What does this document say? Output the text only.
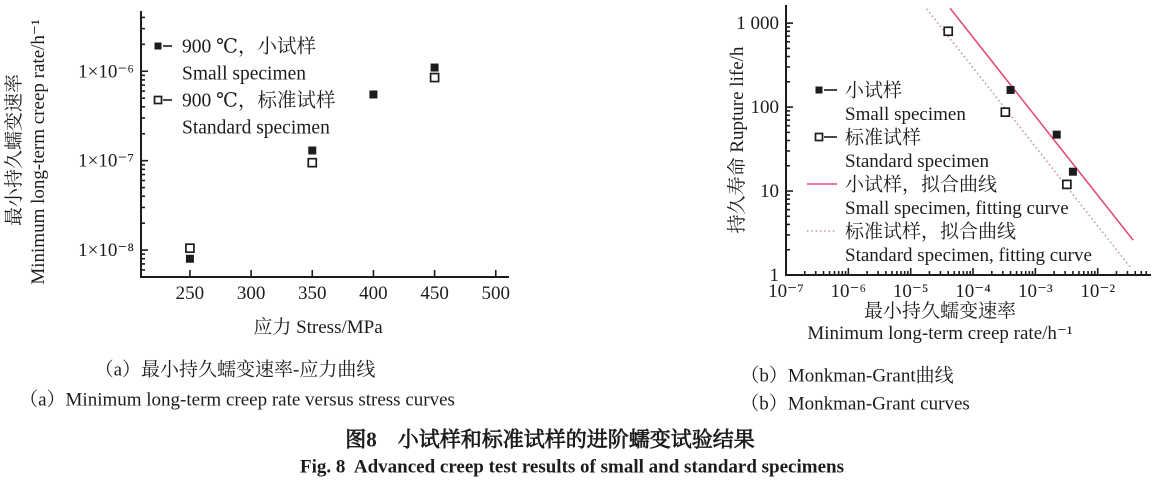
250 300 350 400 450 500
1×10⁻⁸
1×10⁻⁷
1×10⁻⁶
应力 Stress/MPa
最小持久蠕变速率 Minimum long-term creep rate/h⁻¹	900 ℃，小试样
Small specimen
900 ℃，标准试样
Standard specimen
10⁻⁷ 10⁻⁶ 10⁻⁵ 10⁻⁴ 10⁻³ 10⁻²
1
10
100
1 000
最小持久蠕变速率
Minimum long-term creep rate/h⁻¹
持久寿命 Rupture life/h	小试样
Small specimen
标准试样
Standard specimen
小试样，拟合曲线
Small specimen, fitting curve
标准试样，拟合曲线
Standard specimen, fitting curve
（a）最小持久蠕变速率-应力曲线
（a）Minimum long-term creep rate versus stress curves
（b）Monkman-Grant曲线
（b）Monkman-Grant curves
图8　小试样和标准试样的进阶蠕变试验结果
Fig. 8  Advanced creep test results of small and standard specimens
